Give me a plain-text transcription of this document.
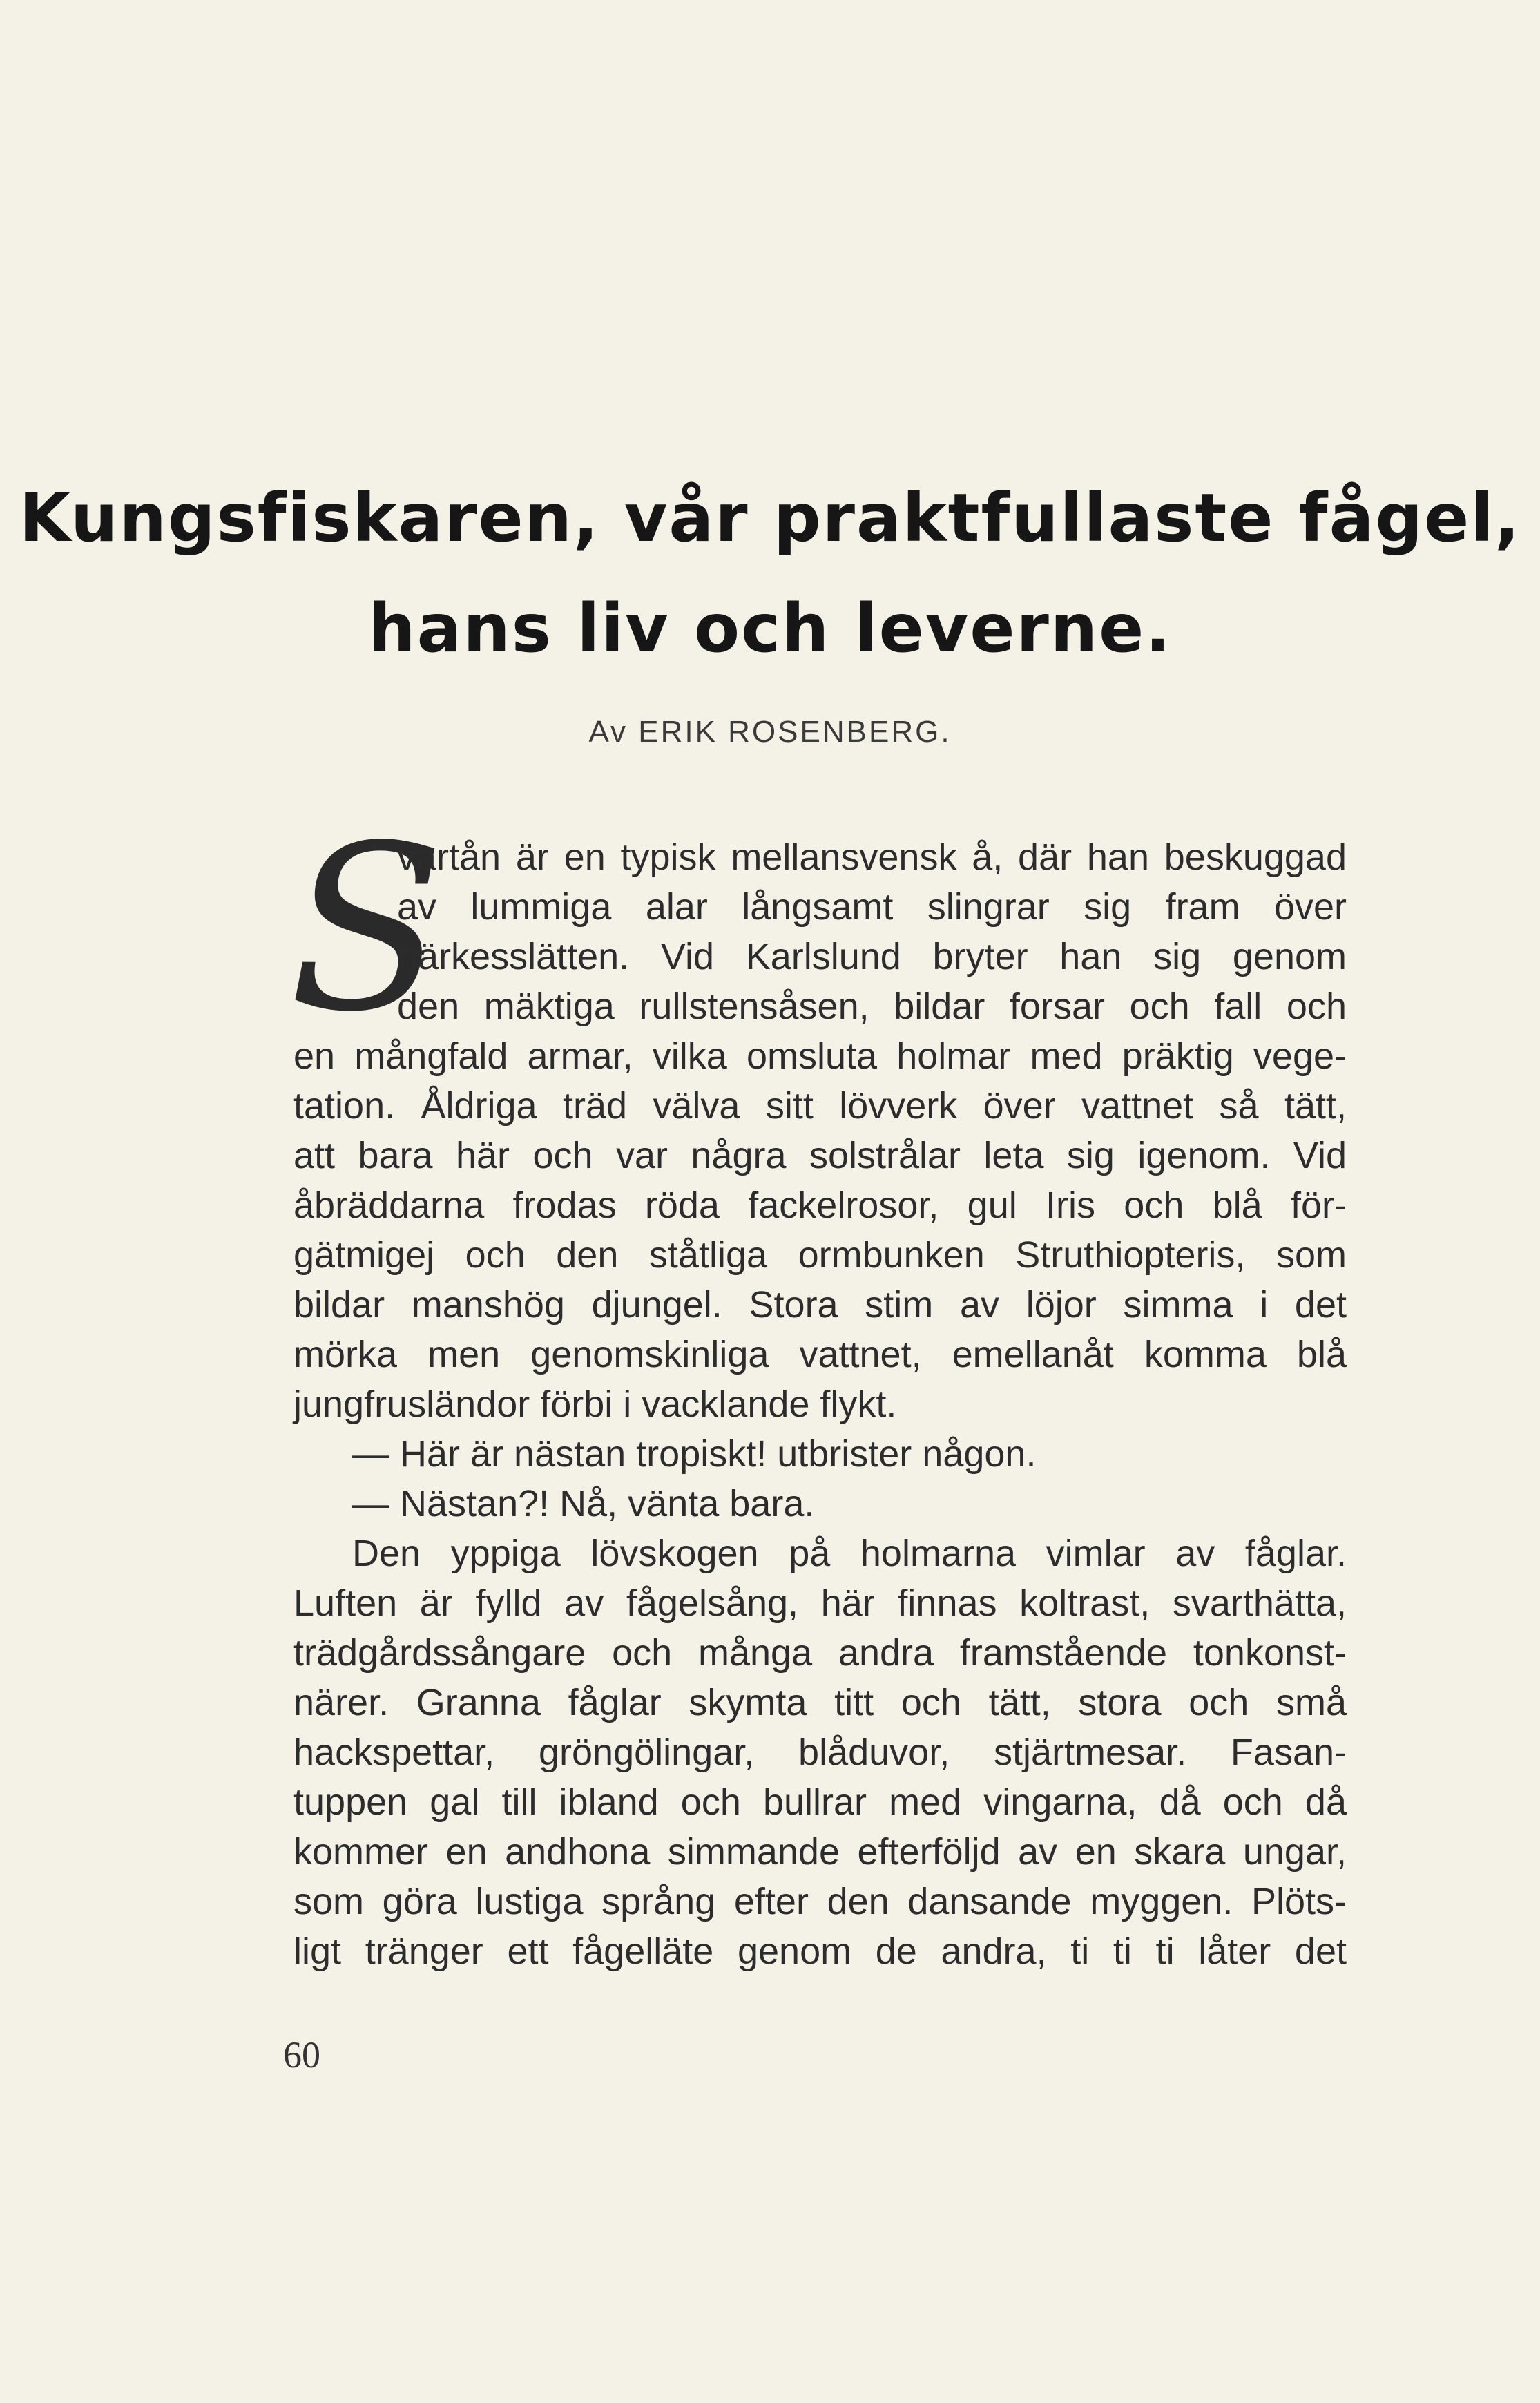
Kungsfiskaren, vår praktfullaste fågel,
hans liv och leverne.
Av ERIK ROSENBERG.
S
vartån är en typisk mellansvensk å, där han beskuggad
av lummiga alar långsamt slingrar sig fram över
närkesslätten. Vid Karlslund bryter han sig genom
den mäktiga rullstensåsen, bildar forsar och fall och
en mångfald armar, vilka omsluta holmar med präktig vege-
tation. Åldriga träd välva sitt lövverk över vattnet så tätt,
att bara här och var några solstrålar leta sig igenom. Vid
åbräddarna frodas röda fackelrosor, gul Iris och blå för-
gätmigej och den ståtliga ormbunken Struthiopteris, som
bildar manshög djungel. Stora stim av löjor simma i det
mörka men genomskinliga vattnet, emellanåt komma blå
jungfrusländor förbi i vacklande flykt.
— Här är nästan tropiskt! utbrister någon.
— Nästan?! Nå, vänta bara.
Den yppiga lövskogen på holmarna vimlar av fåglar.
Luften är fylld av fågelsång, här finnas koltrast, svarthätta,
trädgårdssångare och många andra framstående tonkonst-
närer. Granna fåglar skymta titt och tätt, stora och små
hackspettar, gröngölingar, blåduvor, stjärtmesar. Fasan-
tuppen gal till ibland och bullrar med vingarna, då och då
kommer en andhona simmande efterföljd av en skara ungar,
som göra lustiga språng efter den dansande myggen. Plöts-
ligt tränger ett fågelläte genom de andra, ti ti ti låter det
60
